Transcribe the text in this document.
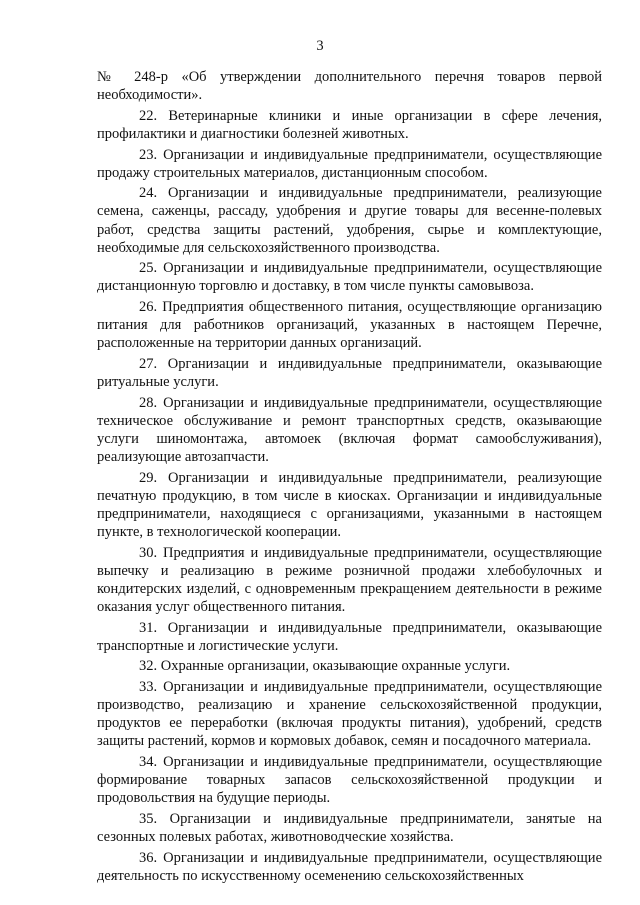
3

№ 248-р «Об утверждении дополнительного перечня товаров первой необходимости».

22. Ветеринарные клиники и иные организации в сфере лечения, профилактики и диагностики болезней животных.

23. Организации и индивидуальные предприниматели, осуществляющие продажу строительных материалов, дистанционным способом.

24. Организации и индивидуальные предприниматели, реализующие семена, саженцы, рассаду, удобрения и другие товары для весенне-полевых работ, средства защиты растений, удобрения, сырье и комплектующие, необходимые для сельскохозяйственного производства.

25. Организации и индивидуальные предприниматели, осуществляющие дистанционную торговлю и доставку, в том числе пункты самовывоза.

26. Предприятия общественного питания, осуществляющие организацию питания для работников организаций, указанных в настоящем Перечне, расположенные на территории данных организаций.

27. Организации и индивидуальные предприниматели, оказывающие ритуальные услуги.

28. Организации и индивидуальные предприниматели, осуществляющие техническое обслуживание и ремонт транспортных средств, оказывающие услуги шиномонтажа, автомоек (включая формат самообслуживания), реализующие автозапчасти.

29. Организации и индивидуальные предприниматели, реализующие печатную продукцию, в том числе в киосках. Организации и индивидуальные предприниматели, находящиеся с организациями, указанными в настоящем пункте, в технологической кооперации.

30. Предприятия и индивидуальные предприниматели, осуществляющие выпечку и реализацию в режиме розничной продажи хлебобулочных и кондитерских изделий, с одновременным прекращением деятельности в режиме оказания услуг общественного питания.

31. Организации и индивидуальные предприниматели, оказывающие транспортные и логистические услуги.

32. Охранные организации, оказывающие охранные услуги.

33. Организации и индивидуальные предприниматели, осуществляющие производство, реализацию и хранение сельскохозяйственной продукции, продуктов ее переработки (включая продукты питания), удобрений, средств защиты растений, кормов и кормовых добавок, семян и посадочного материала.

34. Организации и индивидуальные предприниматели, осуществляющие формирование товарных запасов сельскохозяйственной продукции и продовольствия на будущие периоды.

35. Организации и индивидуальные предприниматели, занятые на сезонных полевых работах, животноводческие хозяйства.

36. Организации и индивидуальные предприниматели, осуществляющие деятельность по искусственному осеменению сельскохозяйственных
